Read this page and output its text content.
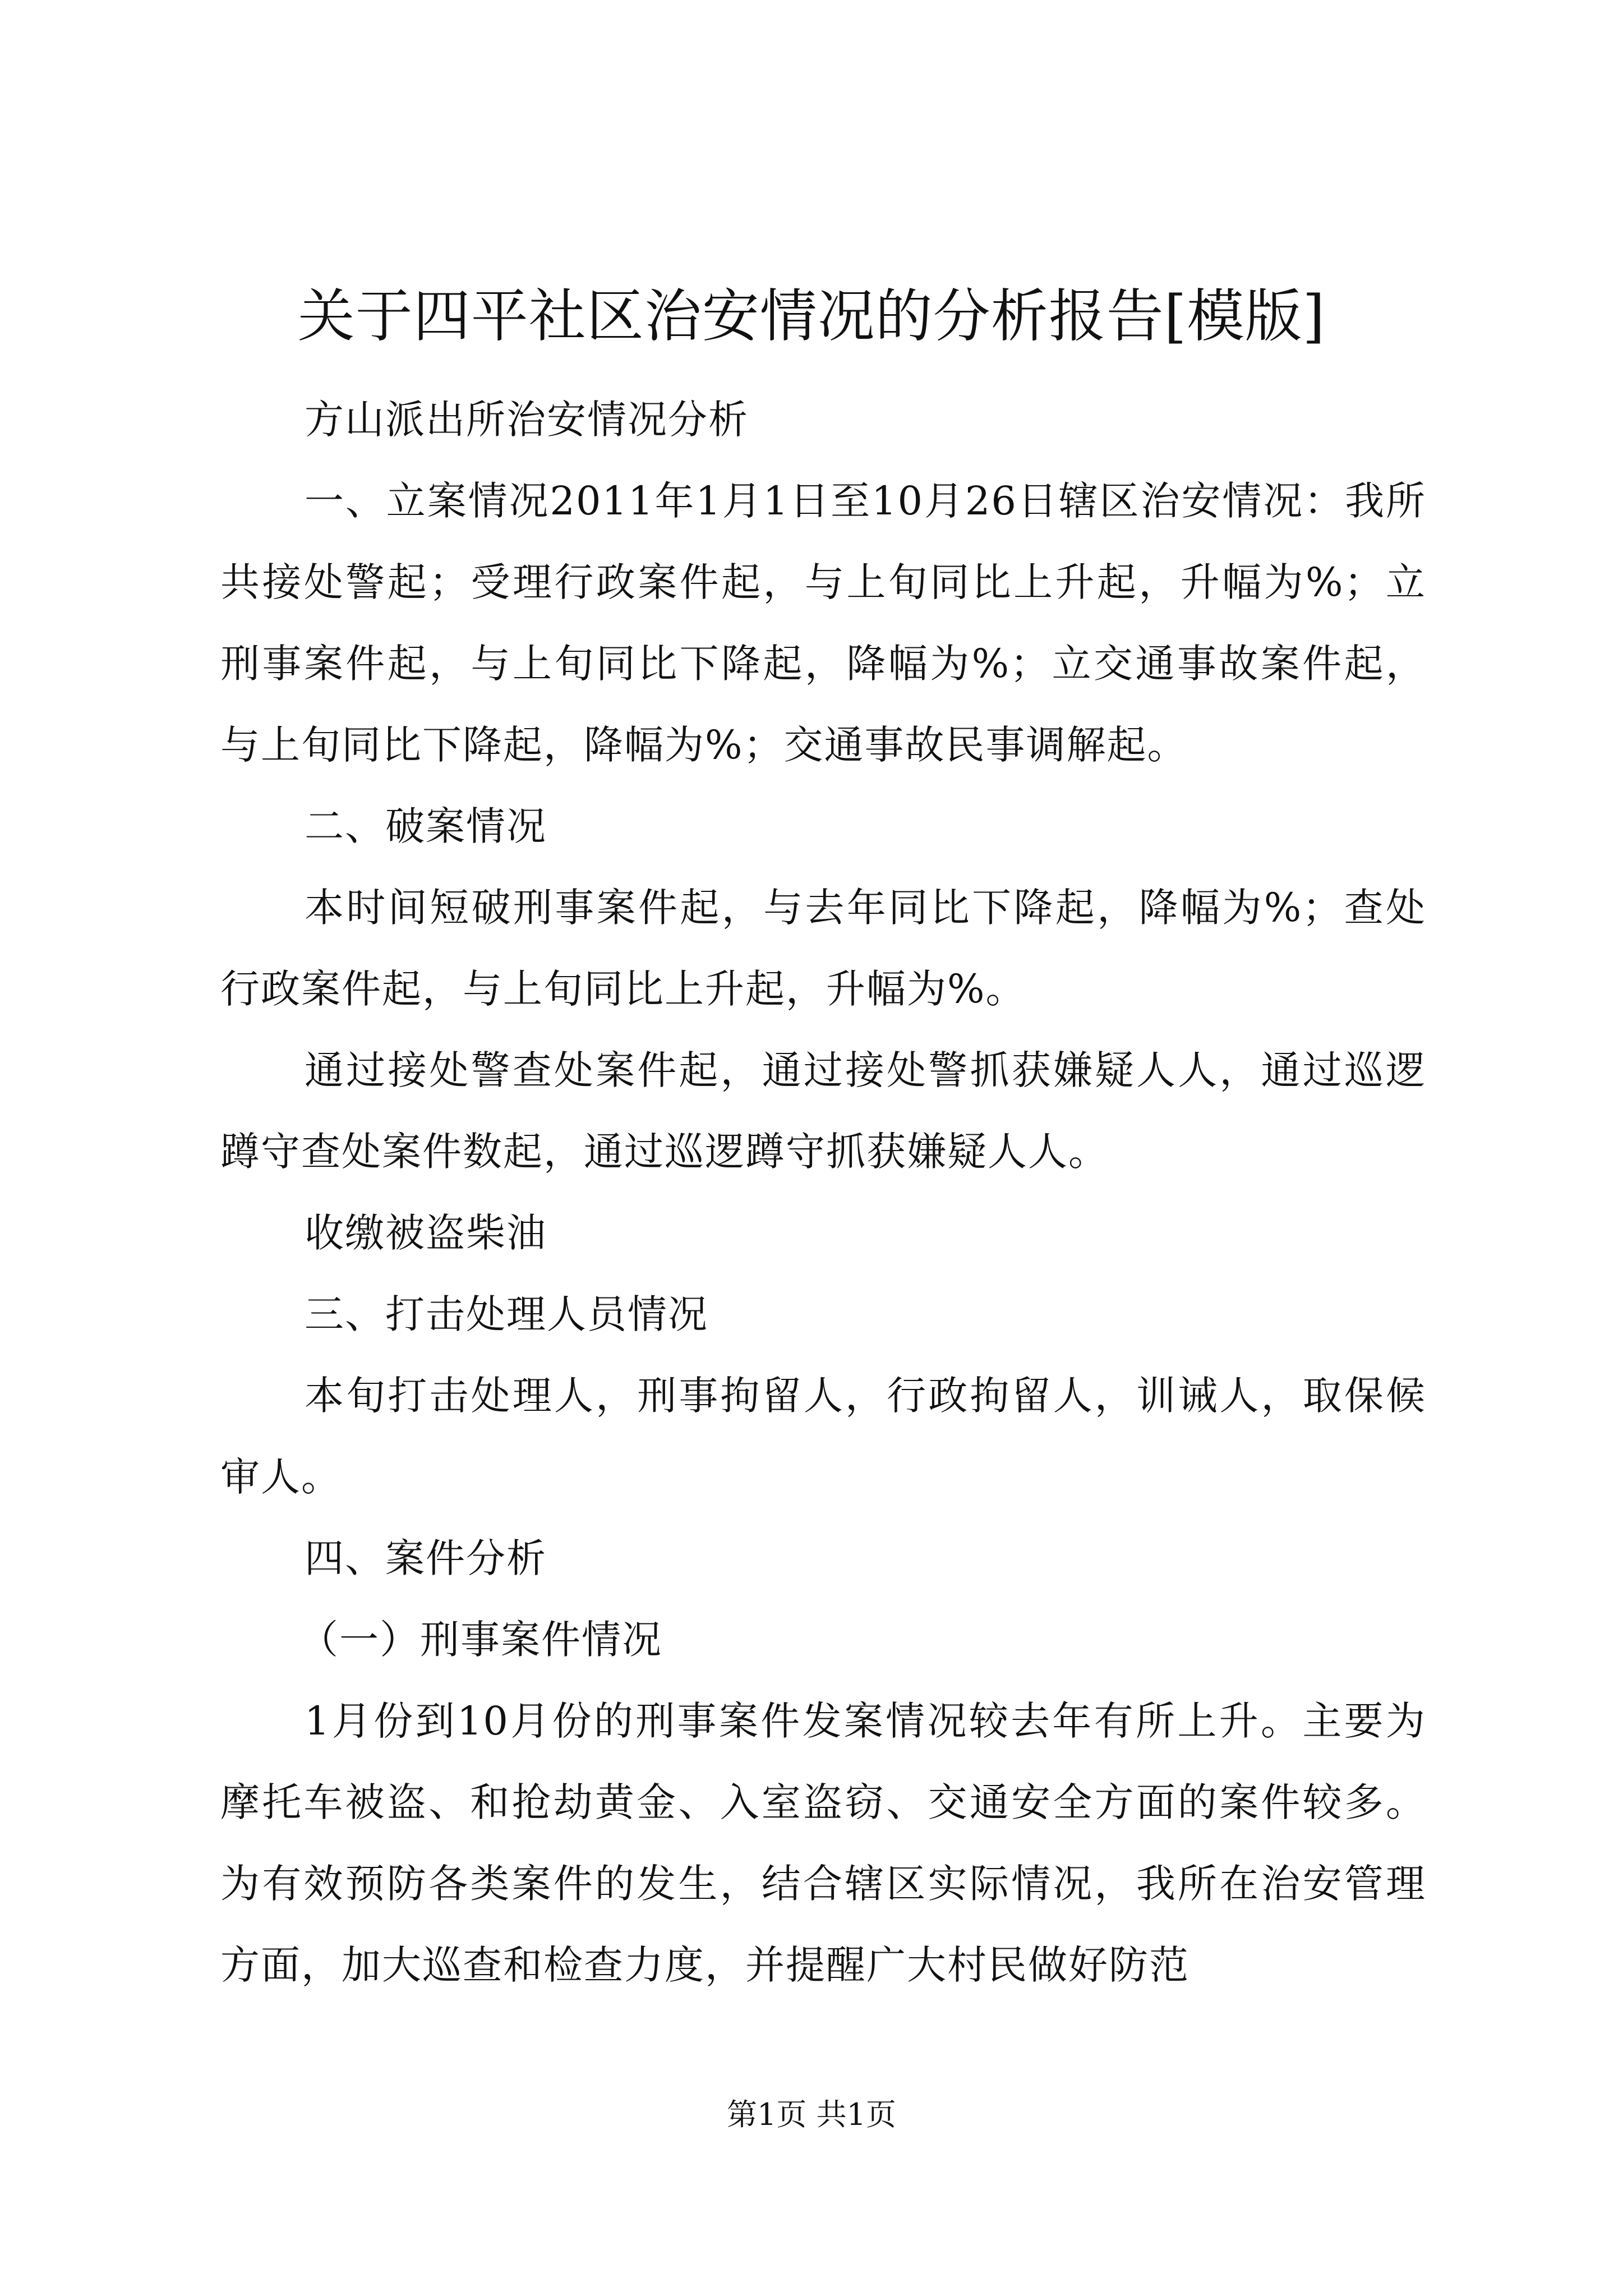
关于四平社区治安情况的分析报告[模版]

方山派出所治安情况分析

一、立案情况2011年1月1日至10月26日辖区治安情况：我所共接处警起；受理行政案件起，与上旬同比上升起，升幅为%；立刑事案件起，与上旬同比下降起，降幅为%；立交通事故案件起，与上旬同比下降起，降幅为%；交通事故民事调解起。

二、破案情况

本时间短破刑事案件起，与去年同比下降起，降幅为%；查处行政案件起，与上旬同比上升起，升幅为%。

通过接处警查处案件起，通过接处警抓获嫌疑人人，通过巡逻蹲守查处案件数起，通过巡逻蹲守抓获嫌疑人人。

收缴被盗柴油

三、打击处理人员情况

本旬打击处理人，刑事拘留人，行政拘留人，训诫人，取保候审人。

四、案件分析

（一）刑事案件情况

1月份到10月份的刑事案件发案情况较去年有所上升。主要为摩托车被盗、和抢劫黄金、入室盗窃、交通安全方面的案件较多。为有效预防各类案件的发生，结合辖区实际情况，我所在治安管理方面，加大巡查和检查力度，并提醒广大村民做好防范

第1页 共1页
